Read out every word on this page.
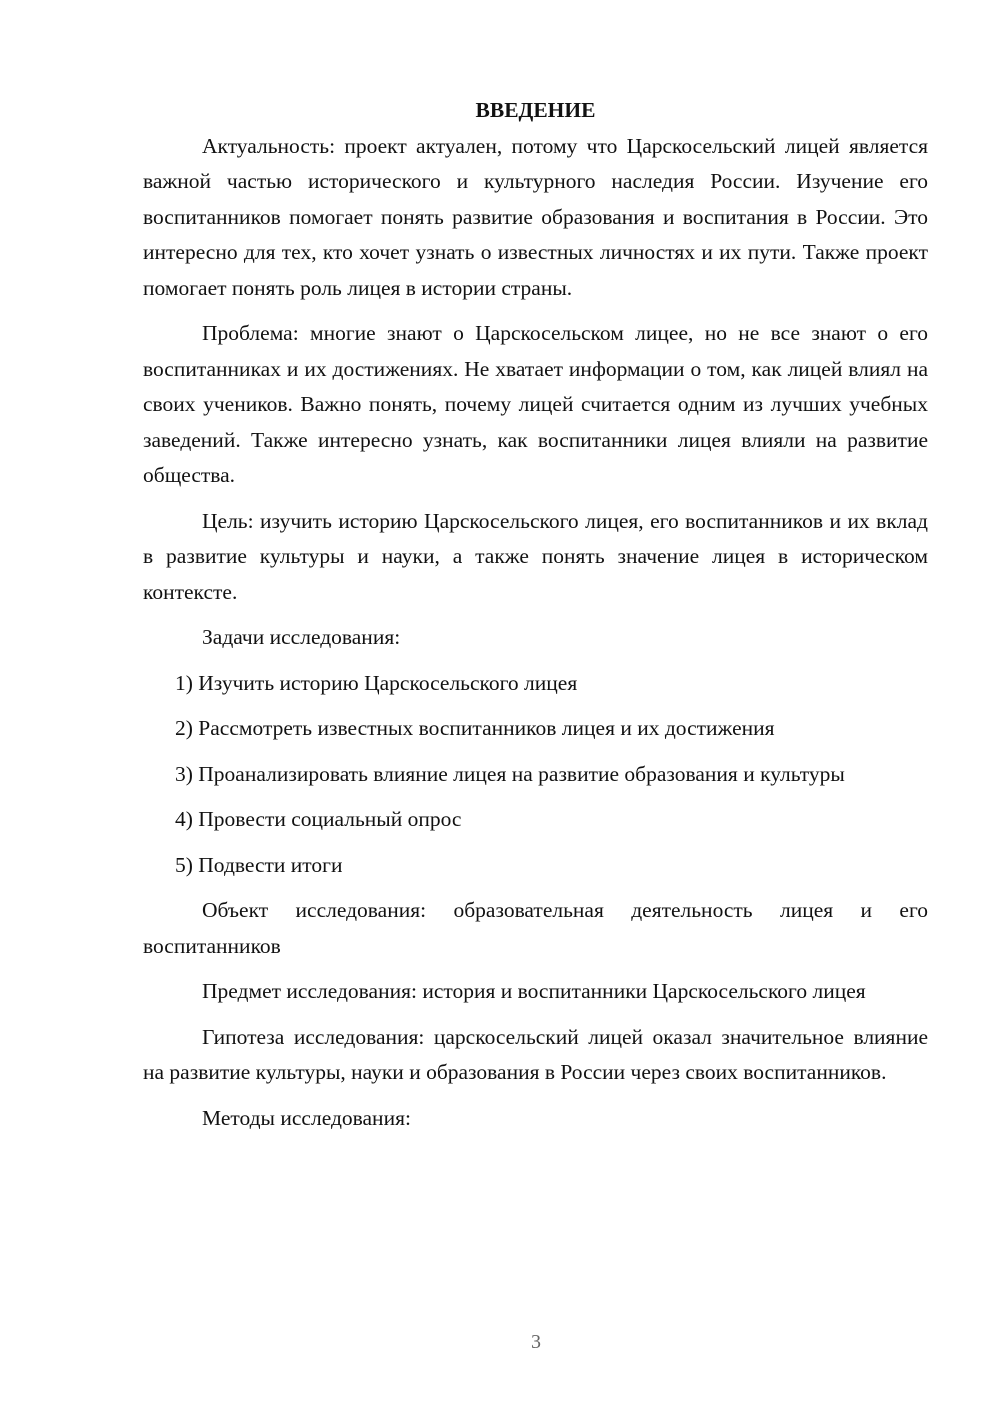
ВВЕДЕНИЕ

Актуальность: проект актуален, потому что Царскосельский лицей является важной частью исторического и культурного наследия России. Изучение его воспитанников помогает понять развитие образования и воспитания в России. Это интересно для тех, кто хочет узнать о известных личностях и их пути. Также проект помогает понять роль лицея в истории страны.

Проблема: многие знают о Царскосельском лицее, но не все знают о его воспитанниках и их достижениях. Не хватает информации о том, как лицей влиял на своих учеников. Важно понять, почему лицей считается одним из лучших учебных заведений. Также интересно узнать, как воспитанники лицея влияли на развитие общества.

Цель: изучить историю Царскосельского лицея, его воспитанников и их вклад в развитие культуры и науки, а также понять значение лицея в историческом контексте.

Задачи исследования:

1) Изучить историю Царскосельского лицея

2) Рассмотреть известных воспитанников лицея и их достижения

3) Проанализировать влияние лицея на развитие образования и культуры

4) Провести социальный опрос

5) Подвести итоги

Объект исследования: образовательная деятельность лицея и его воспитанников

Предмет исследования: история и воспитанники Царскосельского лицея

Гипотеза исследования: царскосельский лицей оказал значительное влияние на развитие культуры, науки и образования в России через своих воспитанников.

Методы исследования:

3
